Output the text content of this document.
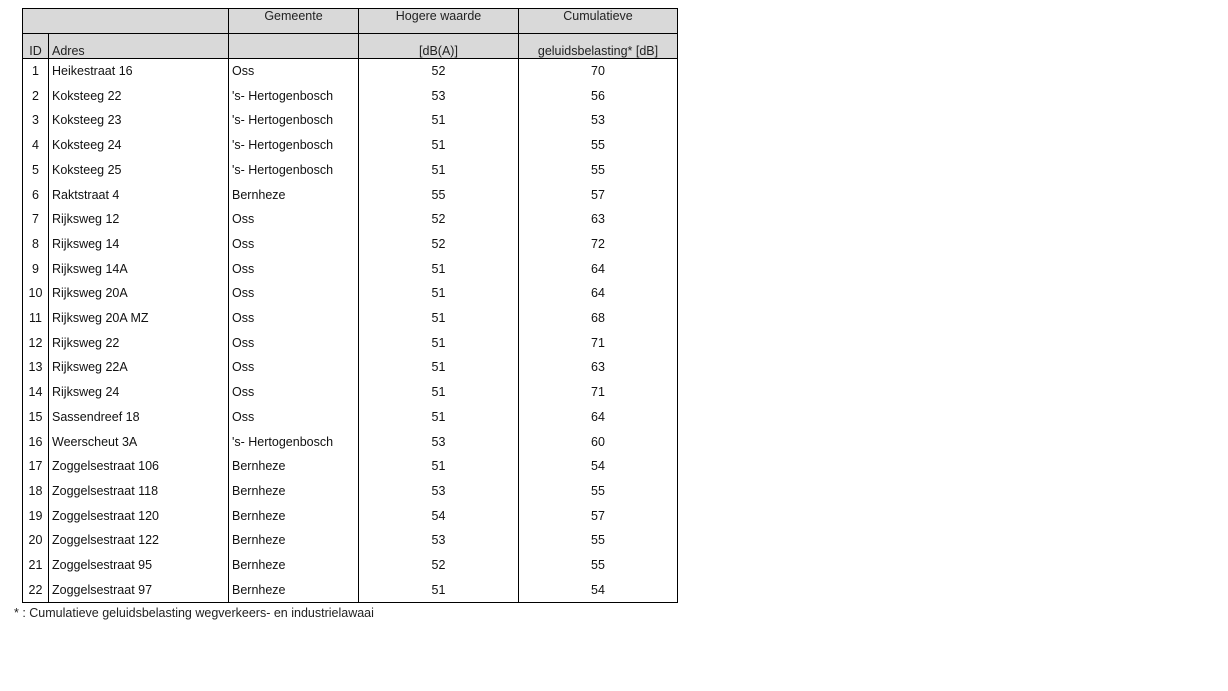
		Gemeente	Hogere waarde	Cumulatieve
ID	Adres		[dB(A)]	geluidsbelasting* [dB]
1	Heikestraat 16	Oss	52	70
2	Koksteeg 22	's- Hertogenbosch	53	56
3	Koksteeg 23	's- Hertogenbosch	51	53
4	Koksteeg 24	's- Hertogenbosch	51	55
5	Koksteeg 25	's- Hertogenbosch	51	55
6	Raktstraat 4	Bernheze	55	57
7	Rijksweg 12	Oss	52	63
8	Rijksweg 14	Oss	52	72
9	Rijksweg 14A	Oss	51	64
10	Rijksweg 20A	Oss	51	64
11	Rijksweg 20A MZ	Oss	51	68
12	Rijksweg 22	Oss	51	71
13	Rijksweg 22A	Oss	51	63
14	Rijksweg 24	Oss	51	71
15	Sassendreef 18	Oss	51	64
16	Weerscheut 3A	's- Hertogenbosch	53	60
17	Zoggelsestraat 106	Bernheze	51	54
18	Zoggelsestraat 118	Bernheze	53	55
19	Zoggelsestraat 120	Bernheze	54	57
20	Zoggelsestraat 122	Bernheze	53	55
21	Zoggelsestraat 95	Bernheze	52	55
22	Zoggelsestraat 97	Bernheze	51	54
* : Cumulatieve geluidsbelasting wegverkeers- en industrielawaai
